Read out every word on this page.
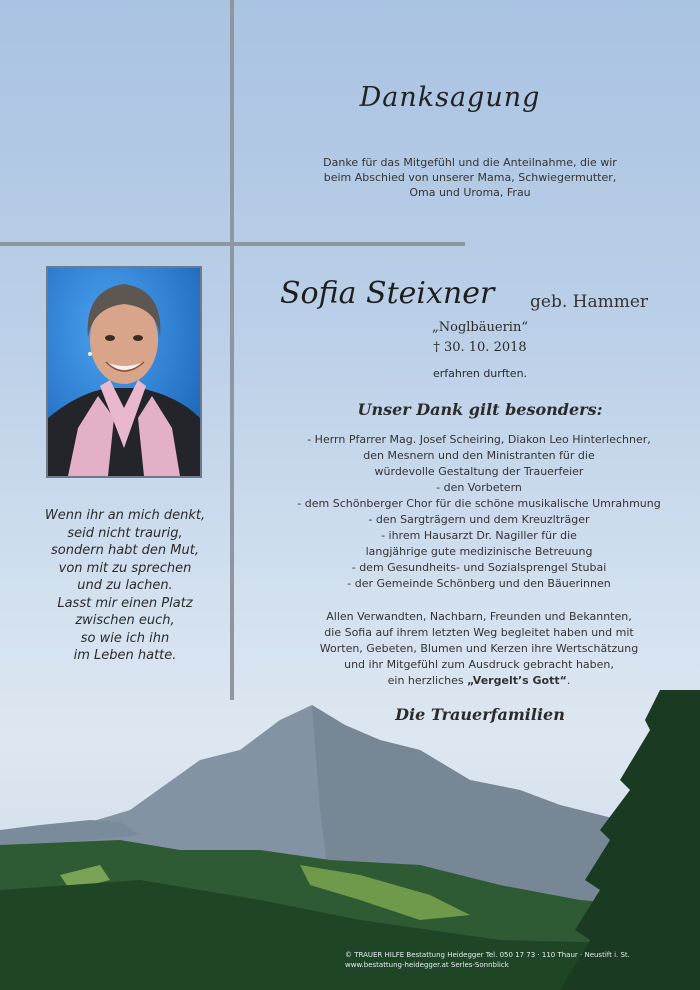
Danksagung
Danke für das Mitgefühl und die Anteilnahme, die wir
beim Abschied von unserer Mama, Schwiegermutter,
Oma und Uroma, Frau
Sofia Steixner geb. Hammer
„Noglbäuerin“
† 30. 10. 2018
erfahren durften.
Unser Dank gilt besonders:
- Herrn Pfarrer Mag. Josef Scheiring, Diakon Leo Hinterlechner,
den Mesnern und den Ministranten für die
würdevolle Gestaltung der Trauerfeier
- den Vorbetern
- dem Schönberger Chor für die schöne musikalische Umrahmung
- den Sargträgern und dem Kreuzlträger
- ihrem Hausarzt Dr. Nagiller für die
langjährige gute medizinische Betreuung
- dem Gesundheits- und Sozialsprengel Stubai
- der Gemeinde Schönberg und den Bäuerinnen
Allen Verwandten, Nachbarn, Freunden und Bekannten,
die Sofia auf ihrem letzten Weg begleitet haben und mit
Worten, Gebeten, Blumen und Kerzen ihre Wertschätzung
und ihr Mitgefühl zum Ausdruck gebracht haben,
ein herzliches „Vergelt’s Gott“.
Die Trauerfamilien
Wenn ihr an mich denkt,
seid nicht traurig,
sondern habt den Mut,
von mit zu sprechen
und zu lachen.
Lasst mir einen Platz
zwischen euch,
so wie ich ihn
im Leben hatte.
© TRAUER HILFE Bestattung Heidegger Tel. 050 17 73 · 110 Thaur · Neustift i. St.
www.bestattung-heidegger.at Serles-Sonnblick
